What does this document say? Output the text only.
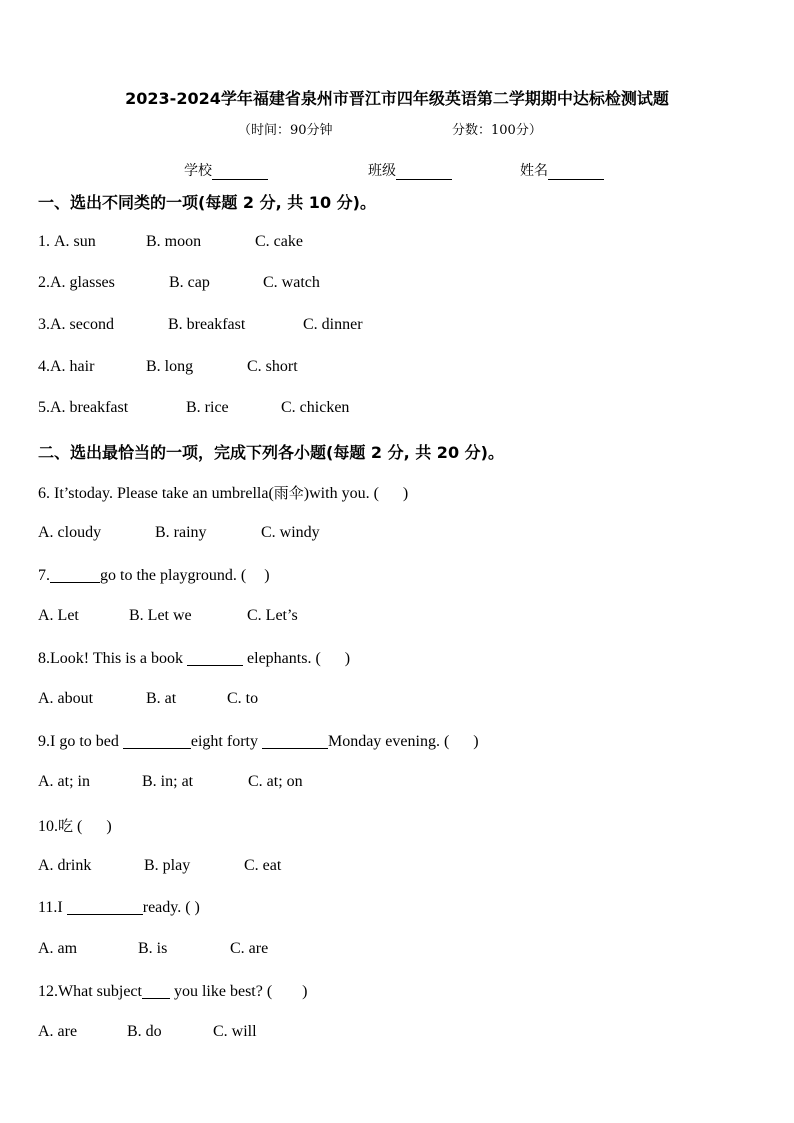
2023-2024学年福建省泉州市晋江市四年级英语第二学期期中达标检测试题
（时间：90分钟	分数：100分）
学校	班级	姓名
一、选出不同类的一项(每题 2 分, 共 10 分)。
1. A. sun	B. moon	C. cake
2.A. glasses	B. cap	C. watch
3.A. second	B. breakfast	C. dinner
4.A. hair	B. long	C. short
5.A. breakfast	B. rice	C. chicken
二、选出最恰当的一项，完成下列各小题(每题 2 分, 共 20 分)。
6. It’stoday. Please take an umbrella(雨伞)with you. ( )
A. cloudy	B. rainy	C. windy
7.	go to the playground. ( )
A. Let	B. Let we	C. Let’s
8.Look! This is a book	elephants. ( )
A. about	B. at	C. to
9.I go to bed	eight forty	Monday evening. ( )
A. at; in	B. in; at	C. at; on
10.吃 ( )
A. drink	B. play	C. eat
11.I	ready. ( )
A. am	B. is	C. are
12.What subject you like best? ( )
A. are	B. do	C. will
